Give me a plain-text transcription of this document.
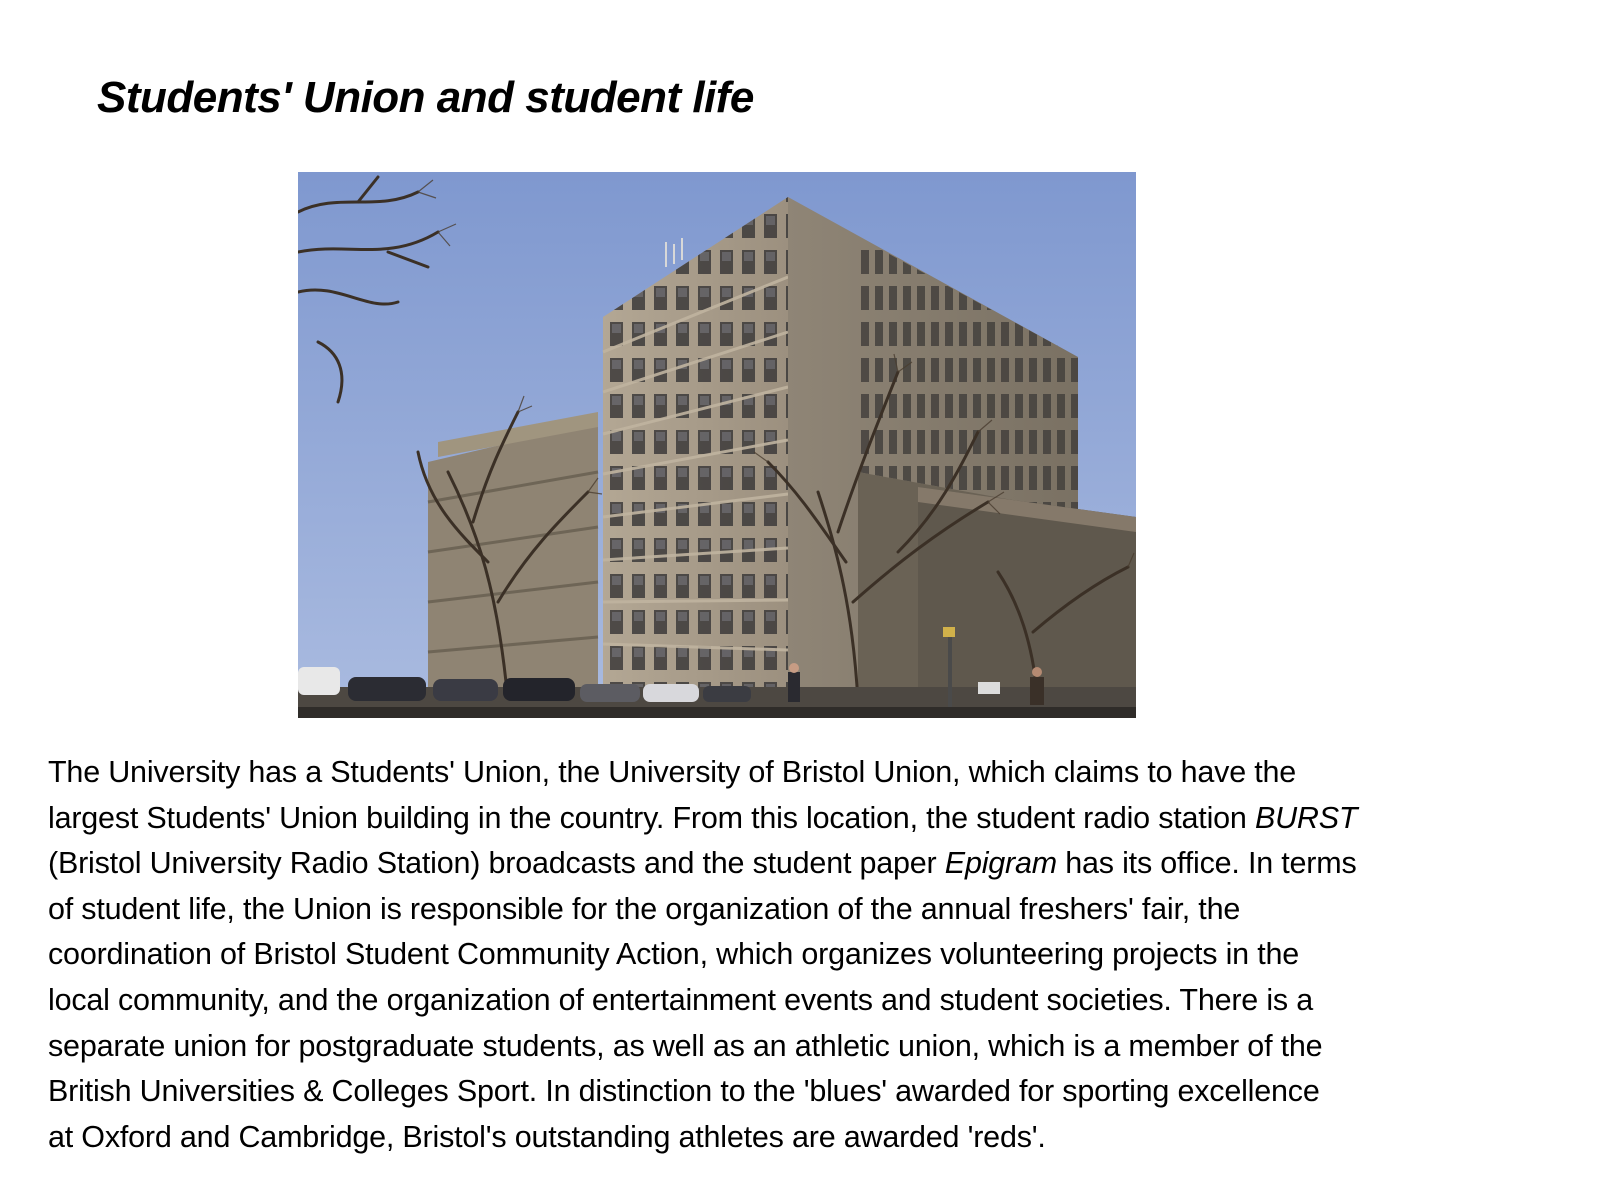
Students' Union and student life

The University has a Students' Union, the University of Bristol Union, which claims to have the
largest Students' Union building in the country. From this location, the student radio station BURST
(Bristol University Radio Station) broadcasts and the student paper Epigram has its office. In terms
of student life, the Union is responsible for the organization of the annual freshers' fair, the
coordination of Bristol Student Community Action, which organizes volunteering projects in the
local community, and the organization of entertainment events and student societies. There is a
separate union for postgraduate students, as well as an athletic union, which is a member of the
British Universities & Colleges Sport. In distinction to the 'blues' awarded for sporting excellence
at Oxford and Cambridge, Bristol's outstanding athletes are awarded 'reds'.
